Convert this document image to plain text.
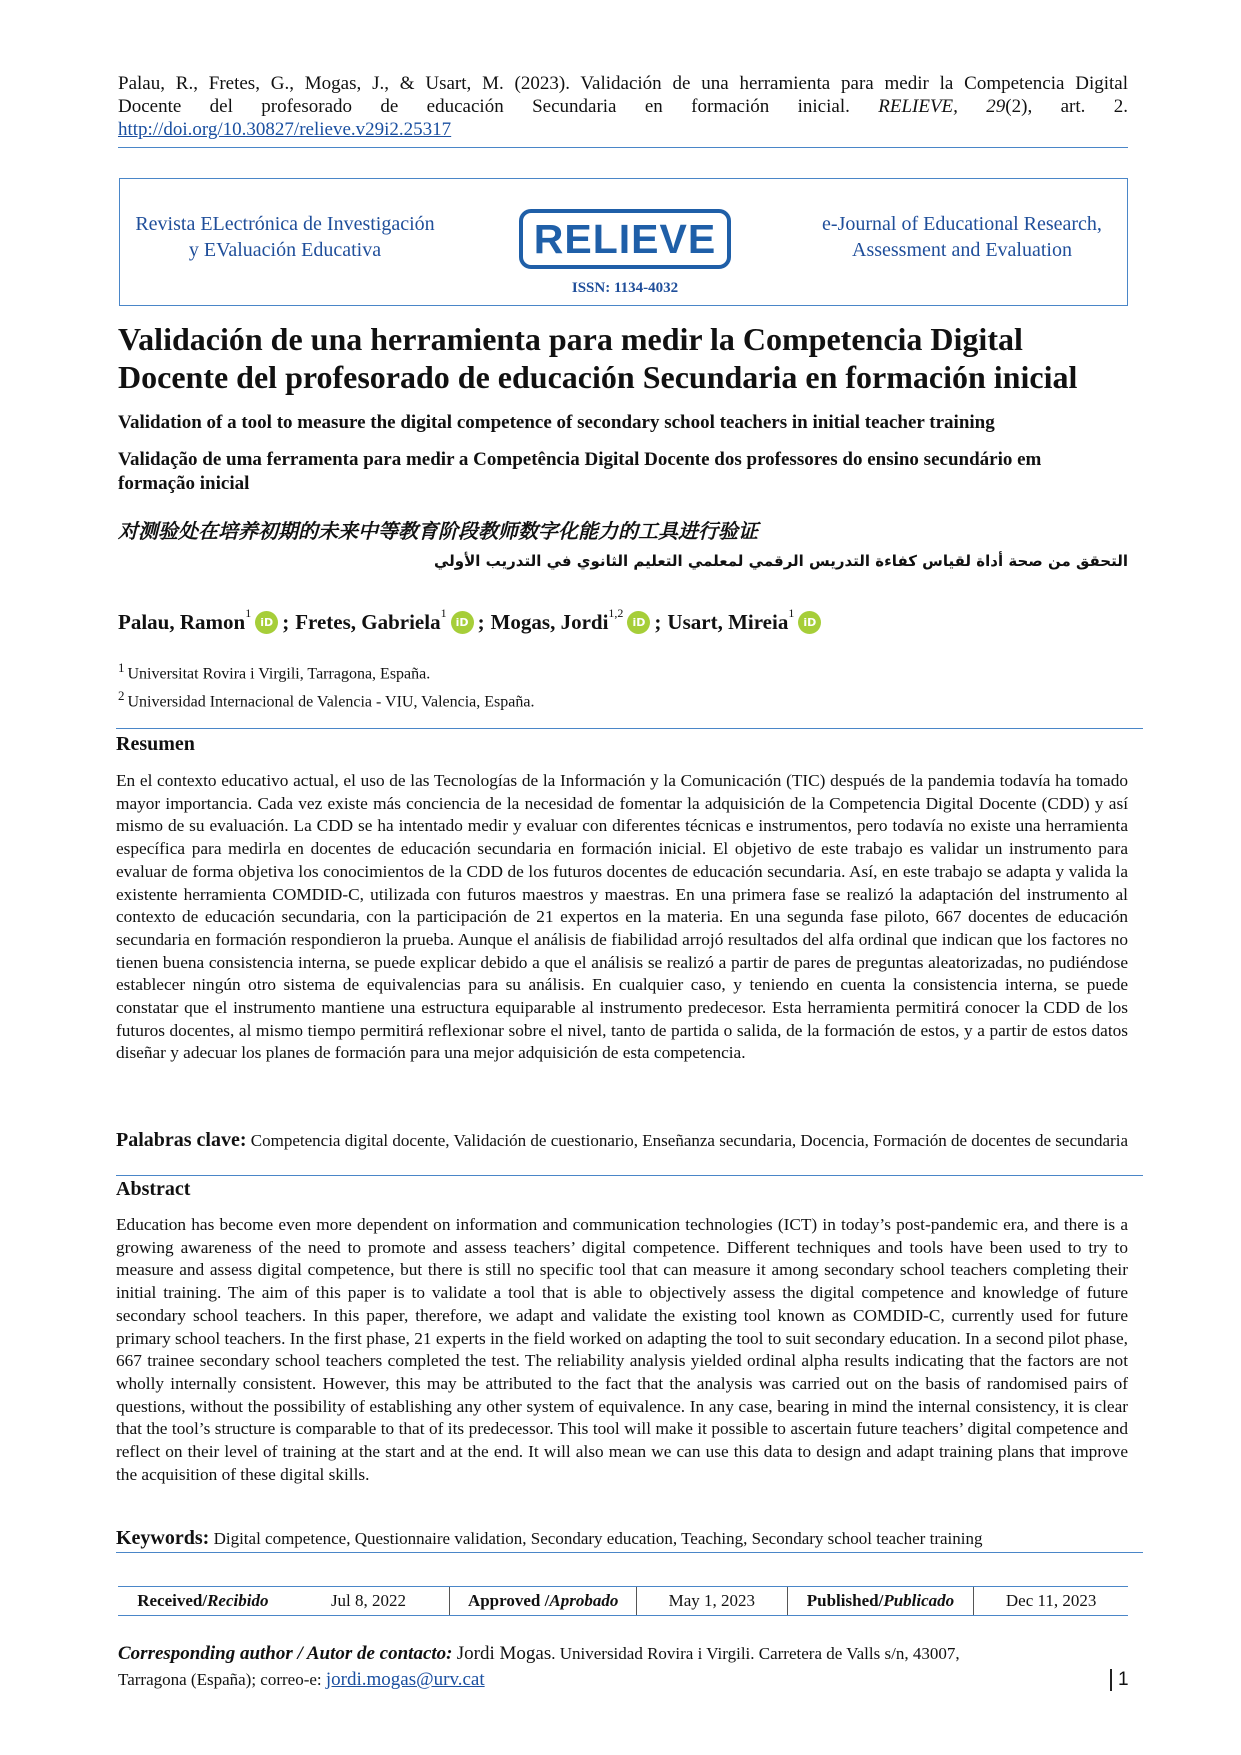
Palau, R., Fretes, G., Mogas, J., & Usart, M. (2023). Validación de una herramienta para medir la Competencia Digital
Docente del profesorado de educación Secundaria en formación inicial. RELIEVE, 29(2), art. 2.
http://doi.org/10.30827/relieve.v29i2.25317
Revista ELectrónica de Investigación
y EValuación Educativa	RELIEVE
ISSN: 1134-4032
e-Journal of Educational Research,
Assessment and Evaluation
Validación de una herramienta para medir la Competencia Digital
Docente del profesorado de educación Secundaria en formación inicial
Validation of a tool to measure the digital competence of secondary school teachers in initial teacher training
Validação de uma ferramenta para medir a Competência Digital Docente dos professores do ensino secundário em formação inicial
对测验处在培养初期的未来中等教育阶段教师数字化能力的工具进行验证
التحقق من صحة أداة لقياس كفاءة التدريس الرقمي لمعلمي التعليم الثانوي في التدريب الأولي
Palau, Ramon$^1$
iD ; Fretes, Gabriela$^1$
iD ; Mogas, Jordi$^{1,2}$
iD ; Usart, Mireia$^1$
iD
$^1$ Universitat Rovira i Virgili, Tarragona, España.
$^2$ Universidad Internacional de Valencia - VIU, Valencia, España.
Resumen
En el contexto educativo actual, el uso de las Tecnologías de la Información y la Comunicación (TIC) después de la pandemia todavía ha tomado mayor importancia. Cada vez existe más conciencia de la necesidad de fomentar la adquisición de la Competencia Digital Docente (CDD) y así mismo de su evaluación. La CDD se ha intentado medir y evaluar con diferentes técnicas e instrumentos, pero todavía no existe una herramienta específica para medirla en docentes de educación secundaria en formación inicial. El objetivo de este trabajo es validar un instrumento para evaluar de forma objetiva los conocimientos de la CDD de los futuros docentes de educación secundaria. Así, en este trabajo se adapta y valida la existente herramienta COMDID-C, utilizada con futuros maestros y maestras. En una primera fase se realizó la adaptación del instrumento al contexto de educación secundaria, con la participación de 21 expertos en la materia. En una segunda fase piloto, 667 docentes de educación secundaria en formación respondieron la prueba. Aunque el análisis de fiabilidad arrojó resultados del alfa ordinal que indican que los factores no tienen buena consistencia interna, se puede explicar debido a que el análisis se realizó a partir de pares de preguntas aleatorizadas, no pudiéndose establecer ningún otro sistema de equivalencias para su análisis. En cualquier caso, y teniendo en cuenta la consistencia interna, se puede constatar que el instrumento mantiene una estructura equiparable al instrumento predecesor. Esta herramienta permitirá conocer la CDD de los futuros docentes, al mismo tiempo permitirá reflexionar sobre el nivel, tanto de partida o salida, de la formación de estos, y a partir de estos datos diseñar y adecuar los planes de formación para una mejor adquisición de esta competencia.
Palabras clave: Competencia digital docente, Validación de cuestionario, Enseñanza secundaria, Docencia, Formación de docentes de secundaria
Abstract
Education has become even more dependent on information and communication technologies (ICT) in today’s post-pandemic era, and there is a growing awareness of the need to promote and assess teachers’ digital competence. Different techniques and tools have been used to try to measure and assess digital competence, but there is still no specific tool that can measure it among secondary school teachers completing their initial training. The aim of this paper is to validate a tool that is able to objectively assess the digital competence and knowledge of future secondary school teachers. In this paper, therefore, we adapt and validate the existing tool known as COMDID-C, currently used for future primary school teachers. In the first phase, 21 experts in the field worked on adapting the tool to suit secondary education. In a second pilot phase, 667 trainee secondary school teachers completed the test. The reliability analysis yielded ordinal alpha results indicating that the factors are not wholly internally consistent. However, this may be attributed to the fact that the analysis was carried out on the basis of randomised pairs of questions, without the possibility of establishing any other system of equivalence. In any case, bearing in mind the internal consistency, it is clear that the tool’s structure is comparable to that of its predecessor. This tool will make it possible to ascertain future teachers’ digital competence and reflect on their level of training at the start and at the end. It will also mean we can use this data to design and adapt training plans that improve the acquisition of these digital skills.
Keywords: Digital competence, Questionnaire validation, Secondary education, Teaching, Secondary school teacher training
Received/ Recibido	Jul 8, 2022	Approved / Aprobado	May 1, 2023	Published/ Publicado	Dec 11, 2023
Corresponding author / Autor de contacto: Jordi Mogas. Universidad Rovira i Virgili. Carretera de Valls s/n, 43007,
Tarragona (España); correo-e: jordi.mogas@urv.cat	1
